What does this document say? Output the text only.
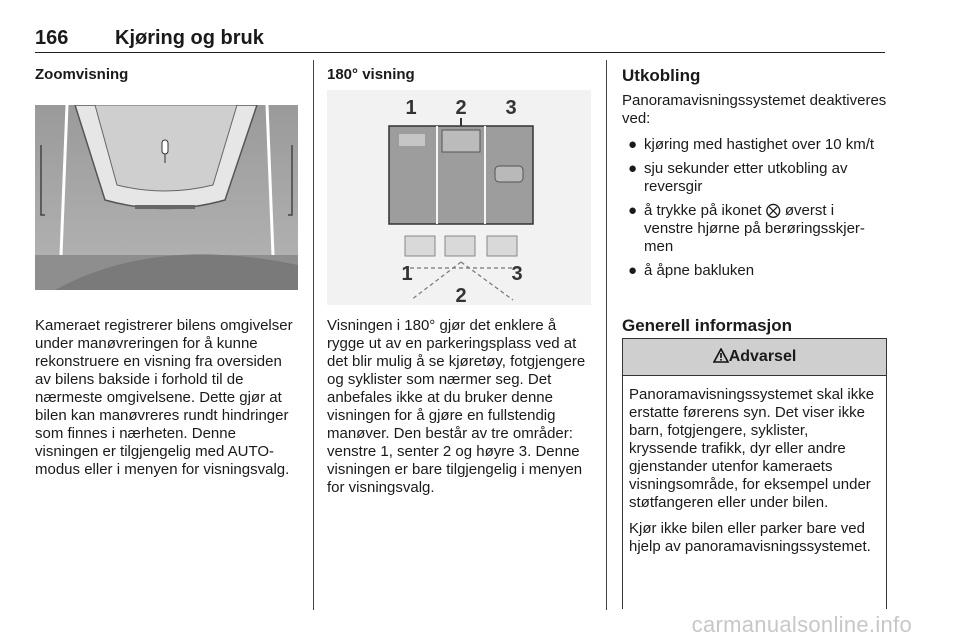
166 Kjøring og bruk
Zoomvisning

Kameraet registrerer bilens omgivelser under manøvreringen for å kunne rekonstruere en visning fra oversiden av bilens bakside i forhold til de nærmeste omgivelsene. Dette gjør at bilen kan manøvreres rundt hindringer som finnes i nærheten. Denne visningen er tilgjengelig med AUTO-modus eller i menyen for visningsvalg.

180° visning
1 2 3
1
2
3

Visningen i 180° gjør det enklere å rygge ut av en parkeringsplass ved at det blir mulig å se kjøretøy, fotgjengere og syklister som nærmer seg. Det anbefales ikke at du bruker denne visningen for å gjøre en fullstendig manøver. Den består av tre områder: venstre 1, senter 2 og høyre 3. Denne visningen er bare tilgjengelig i menyen for visningsvalg.

Utkobling

Panoramavisningssystemet deaktiveres ved:

● kjøring med hastighet over 10 km/t
● sju sekunder etter utkobling av reversgir
● å trykke på ikonet ⨂ øverst i venstre hjørne på berøringsskjermen
● å åpne bakluken
Generell informasjon
Advarsel

Panoramavisningssystemet skal ikke erstatte førerens syn. Det viser ikke barn, fotgjengere, syklister, kryssende trafikk, dyr eller andre gjenstander utenfor kameraets visningsområde, for eksempel under støtfangeren eller under bilen.

Kjør ikke bilen eller parker bare ved hjelp av panoramavisningssystemet.

carmanualsonline.info
